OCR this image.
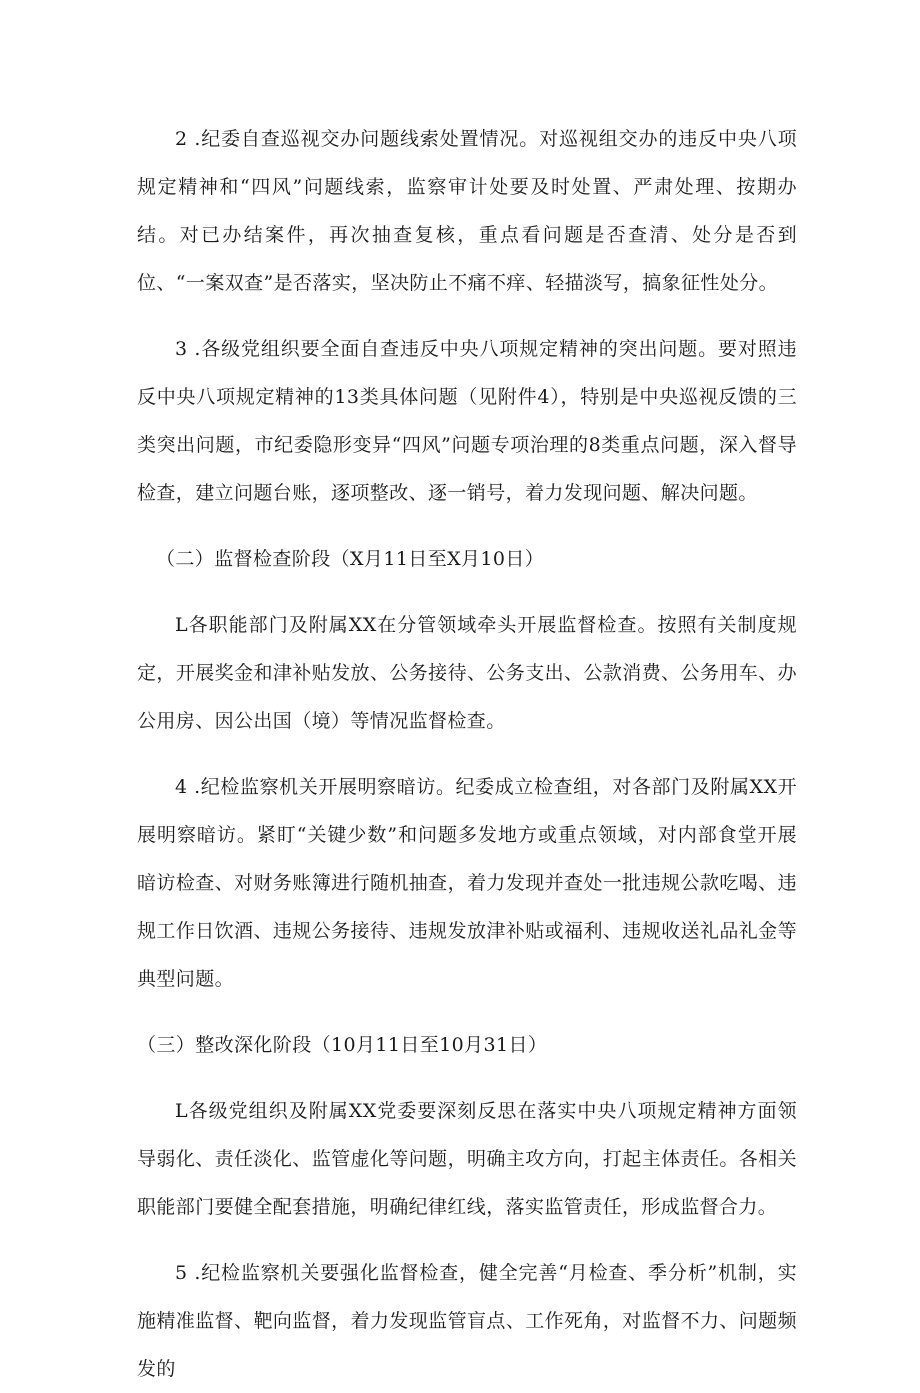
2 .纪委自查巡视交办问题线索处置情况。对巡视组交办的违反中央八项规定精神和“四风”问题线索，监察审计处要及时处置、严肃处理、按期办结。对已办结案件，再次抽查复核，重点看问题是否查清、处分是否到位、“一案双查”是否落实，坚决防止不痛不痒、轻描淡写，搞象征性处分。

3 .各级党组织要全面自查违反中央八项规定精神的突出问题。要对照违反中央八项规定精神的13类具体问题（见附件4），特别是中央巡视反馈的三类突出问题，市纪委隐形变异“四风”问题专项治理的8类重点问题，深入督导检查，建立问题台账，逐项整改、逐一销号，着力发现问题、解决问题。

（二）监督检查阶段（X月11日至X月10日）

L各职能部门及附属XX在分管领域牵头开展监督检查。按照有关制度规定，开展奖金和津补贴发放、公务接待、公务支出、公款消费、公务用车、办公用房、因公出国（境）等情况监督检查。

4 .纪检监察机关开展明察暗访。纪委成立检查组，对各部门及附属XX开展明察暗访。紧盯“关键少数”和问题多发地方或重点领域，对内部食堂开展暗访检查、对财务账簿进行随机抽查，着力发现并查处一批违规公款吃喝、违规工作日饮酒、违规公务接待、违规发放津补贴或福利、违规收送礼品礼金等典型问题。

（三）整改深化阶段（10月11日至10月31日）

L各级党组织及附属XX党委要深刻反思在落实中央八项规定精神方面领导弱化、责任淡化、监管虚化等问题，明确主攻方向，打起主体责任。各相关职能部门要健全配套措施，明确纪律红线，落实监管责任，形成监督合力。

5 .纪检监察机关要强化监督检查，健全完善“月检查、季分析”机制，实施精准监督、靶向监督，着力发现监管盲点、工作死角，对监督不力、问题频发的
